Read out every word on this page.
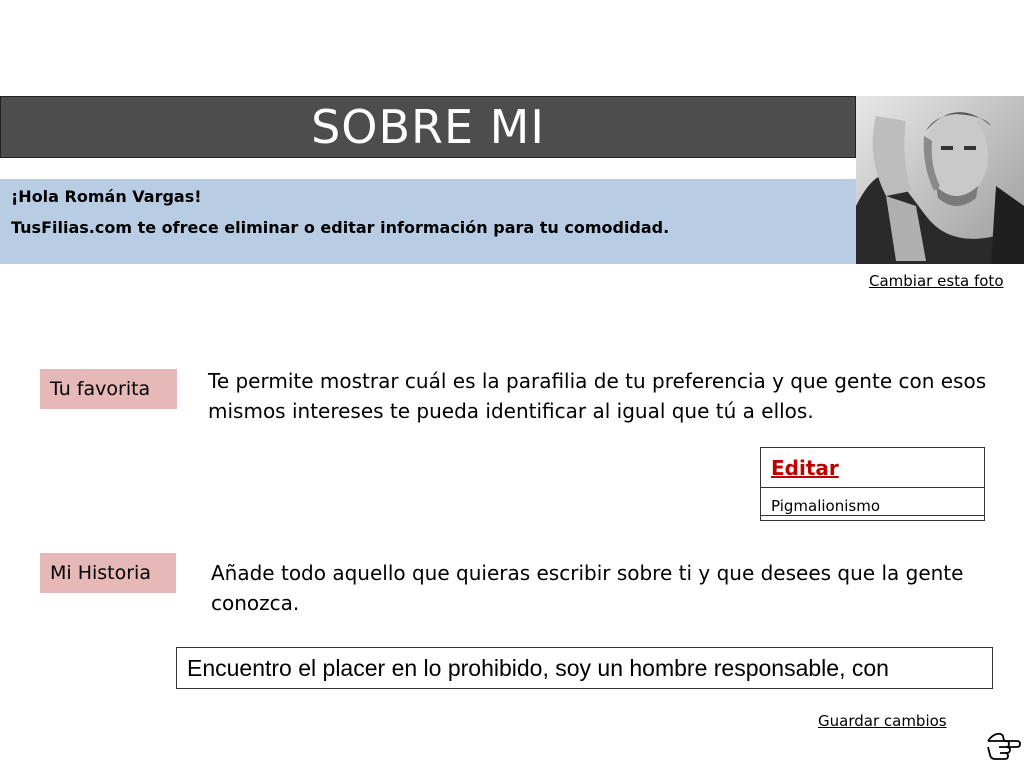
SOBRE MI

¡Hola Román Vargas!

TusFilias.com te ofrece eliminar o editar información para tu comodidad.

Cambiar esta foto
Tu favorita	Te permite mostrar cuál es la parafilia de tu preferencia y que gente con esos
mismos intereses te pueda identificar al igual que tú a ellos.
Editar
Pigmalionismo
Mi Historia	Añade todo aquello que quieras escribir sobre ti y que desees que la gente
conozca.
Encuentro el placer en lo prohibido, soy un hombre responsable, con
Guardar cambios
